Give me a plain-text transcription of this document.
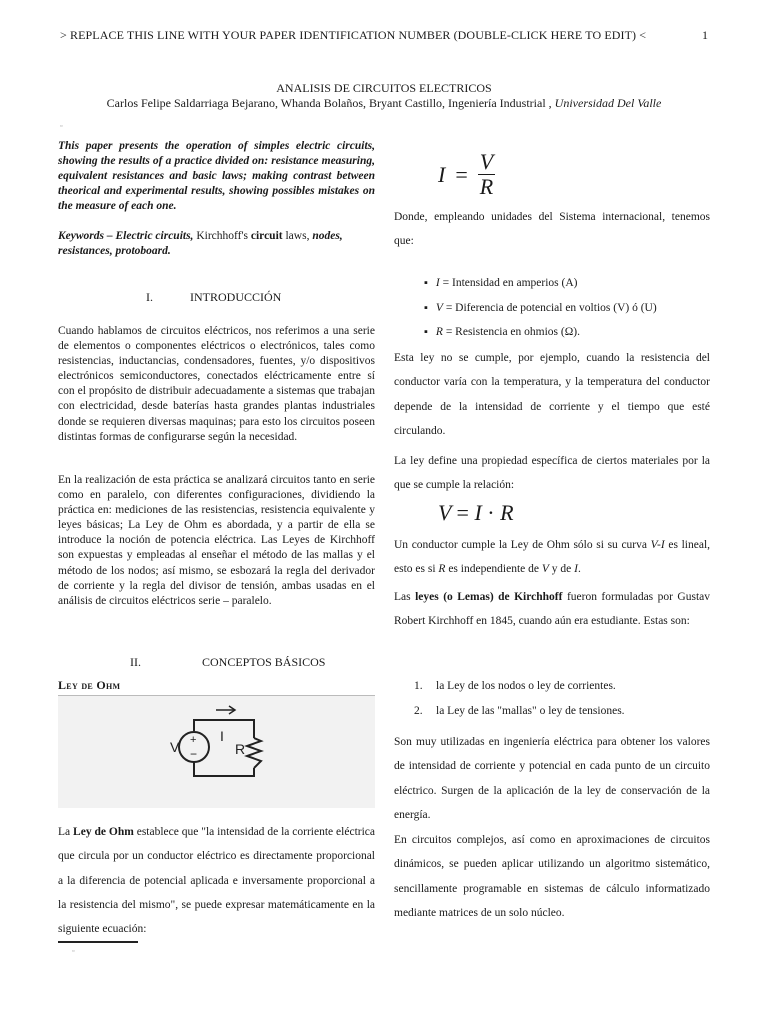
> REPLACE THIS LINE WITH YOUR PAPER IDENTIFICATION NUMBER (DOUBLE-CLICK HERE TO EDIT) <	1
ANALISIS DE CIRCUITOS ELECTRICOS
Carlos Felipe Saldarriaga Bejarano, Whanda Bolaños, Bryant Castillo, Ingeniería Industrial , Universidad Del Valle
▫
This paper presents the operation of simples electric circuits, showing the results of a practice divided on: resistance measuring, equivalent resistances and basic laws; making contrast between theorical and experimental results, showing possibles mistakes on the measure of each one.
Keywords – Electric circuits, Kirchhoff's circuit laws, nodes, resistances, protoboard.
I.	INTRODUCCIÓN
Cuando hablamos de circuitos eléctricos, nos referimos a una serie de elementos o componentes eléctricos o electrónicos, tales como resistencias, inductancias, condensadores, fuentes, y/o dispositivos electrónicos semiconductores, conectados eléctricamente entre sí con el propósito de distribuir adecuadamente a sistemas que trabajan con electricidad, desde baterías hasta grandes plantas industriales donde se requieren diversas maquinas; para esto los circuitos poseen distintas formas de configurarse según la necesidad.
En la realización de esta práctica se analizará circuitos tanto en serie como en paralelo, con diferentes configuraciones, dividiendo la práctica en: mediciones de las resistencias, resistencia equivalente y leyes básicas; La Ley de Ohm es abordada, y a partir de ella se introduce la noción de potencia eléctrica. Las Leyes de Kirchhoff son expuestas y empleadas al enseñar el método de las mallas y el método de los nodos; así mismo, se esbozará la regla del derivador de corriente y la regla del divisor de tensión, ambas usadas en el análisis de circuitos eléctricos serie – paralelo.
II.	CONCEPTOS BÁSICOS
Ley de Ohm
+
−
I
V	R
La Ley de Ohm establece que "la intensidad de la corriente eléctrica que circula por un conductor eléctrico es directamente proporcional a la diferencia de potencial aplicada e inversamente proporcional a la resistencia del mismo", se puede expresar matemáticamente en la siguiente ecuación:
▫
$I = \frac{V}{R}$
Donde, empleando unidades del Sistema internacional, tenemos que:
▪ I = Intensidad en amperios (A)
▪ V = Diferencia de potencial en voltios (V) ó (U)
▪ R = Resistencia en ohmios (Ω).
Esta ley no se cumple, por ejemplo, cuando la resistencia del conductor varía con la temperatura, y la temperatura del conductor depende de la intensidad de corriente y el tiempo que esté circulando.
La ley define una propiedad específica de ciertos materiales por la que se cumple la relación:
V = I · R
Un conductor cumple la Ley de Ohm sólo si su curva V-I es lineal, esto es si R es independiente de V y de I.
Las leyes (o Lemas) de Kirchhoff fueron formuladas por Gustav Robert Kirchhoff en 1845, cuando aún era estudiante. Estas son:
1. la Ley de los nodos o ley de corrientes.
2. la Ley de las "mallas" o ley de tensiones.
Son muy utilizadas en ingeniería eléctrica para obtener los valores de intensidad de corriente y potencial en cada punto de un circuito eléctrico. Surgen de la aplicación de la ley de conservación de la energía.
En circuitos complejos, así como en aproximaciones de circuitos dinámicos, se pueden aplicar utilizando un algoritmo sistemático, sencillamente programable en sistemas de cálculo informatizado mediante matrices de un solo núcleo.
